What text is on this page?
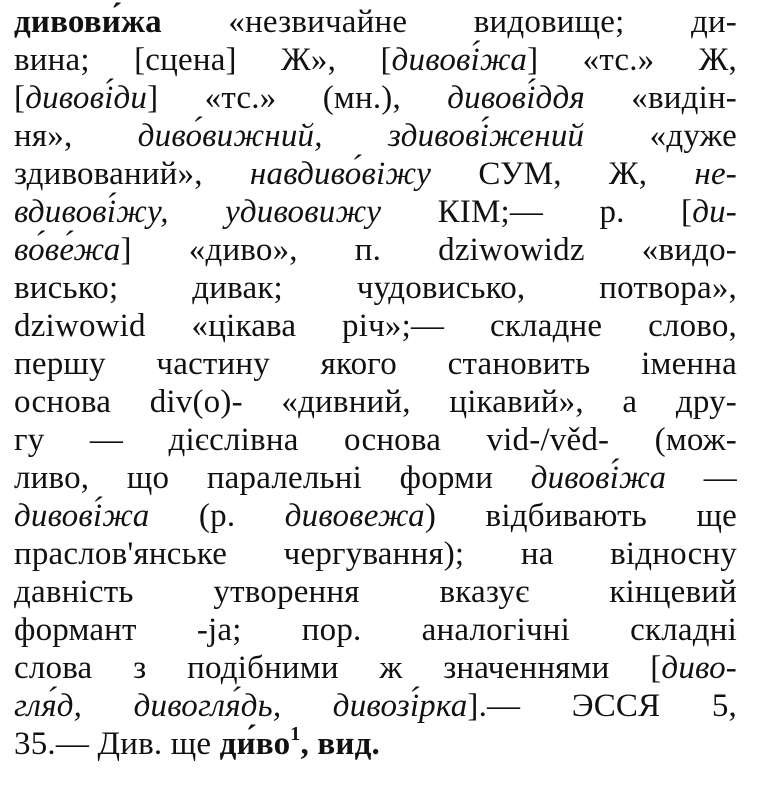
дивови́жа «незвичайне видовище; ди-
вина; [сцена] Ж», [дивові́жа] «тс.» Ж,
[дивові́ди] «тс.» (мн.), дивові́ддя «видін-
ня», диво́вижний, здивові́жений «дуже
здивований», навдиво́віжу СУМ, Ж, не-
вдивові́жу, удивовижу КІМ;— р. [ди-
во́ве́жа] «диво», п. dziwowidz «видо-
висько; дивак; чудовисько, потвора»,
dziwowid «цікава річ»;— складне слово,
першу частину якого становить іменна
основа div(о)- «дивний, цікавий», а дру-
гу — дієслівна основа vid-/věd- (мож-
ливо, що паралельні форми дивові́жа —
дивові́жа (р. дивовежа) відбивають ще
праслов'янське чергування); на відносну
давність утворення вказує кінцевий
формант -ja; пор. аналогічні складні
слова з подібними ж значеннями [диво-
гля́д, дивогля́дь, дивозі́рка].— ЭССЯ 5,
35.— Див. ще $ди́во^1$, вид.
